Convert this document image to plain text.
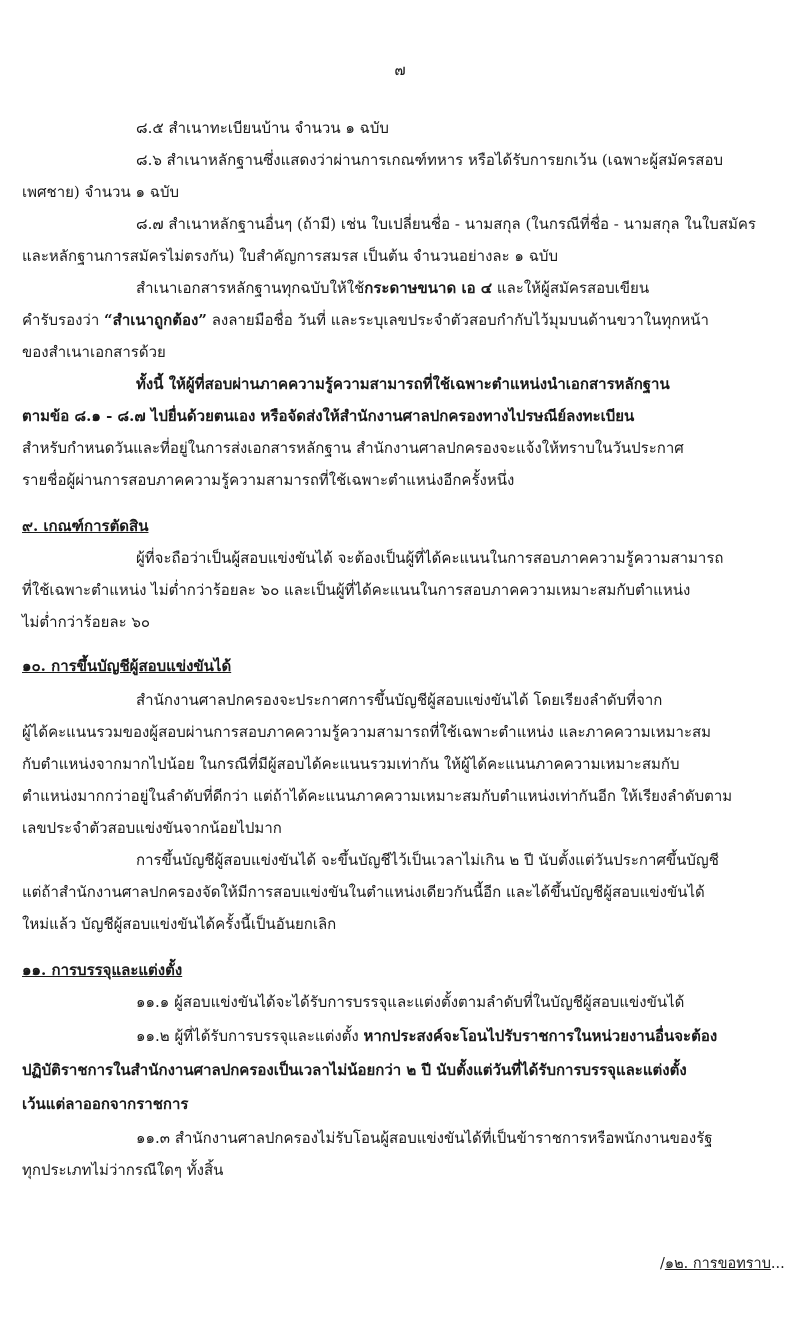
๗
๘.๕ สำเนาทะเบียนบ้าน จำนวน ๑ ฉบับ
๘.๖ สำเนาหลักฐานซึ่งแสดงว่าผ่านการเกณฑ์ทหาร หรือได้รับการยกเว้น (เฉพาะผู้สมัครสอบ
เพศชาย) จำนวน ๑ ฉบับ
๘.๗ สำเนาหลักฐานอื่นๆ (ถ้ามี) เช่น ใบเปลี่ยนชื่อ - นามสกุล (ในกรณีที่ชื่อ - นามสกุล ในใบสมัคร
และหลักฐานการสมัครไม่ตรงกัน) ใบสำคัญการสมรส เป็นต้น จำนวนอย่างละ ๑ ฉบับ
สำเนาเอกสารหลักฐานทุกฉบับให้ใช้กระดาษขนาด เอ ๔ และให้ผู้สมัครสอบเขียน
คำรับรองว่า “สำเนาถูกต้อง” ลงลายมือชื่อ วันที่ และระบุเลขประจำตัวสอบกำกับไว้มุมบนด้านขวาในทุกหน้า
ของสำเนาเอกสารด้วย
ทั้งนี้ ให้ผู้ที่สอบผ่านภาคความรู้ความสามารถที่ใช้เฉพาะตำแหน่งนำเอกสารหลักฐาน
ตามข้อ ๘.๑ - ๘.๗ ไปยื่นด้วยตนเอง หรือจัดส่งให้สำนักงานศาลปกครองทางไปรษณีย์ลงทะเบียน
สำหรับกำหนดวันและที่อยู่ในการส่งเอกสารหลักฐาน สำนักงานศาลปกครองจะแจ้งให้ทราบในวันประกาศ
รายชื่อผู้ผ่านการสอบภาคความรู้ความสามารถที่ใช้เฉพาะตำแหน่งอีกครั้งหนึ่ง
๙. เกณฑ์การตัดสิน
ผู้ที่จะถือว่าเป็นผู้สอบแข่งขันได้ จะต้องเป็นผู้ที่ได้คะแนนในการสอบภาคความรู้ความสามารถ
ที่ใช้เฉพาะตำแหน่ง ไม่ต่ำกว่าร้อยละ ๖๐ และเป็นผู้ที่ได้คะแนนในการสอบภาคความเหมาะสมกับตำแหน่ง
ไม่ต่ำกว่าร้อยละ ๖๐
๑๐. การขึ้นบัญชีผู้สอบแข่งขันได้
สำนักงานศาลปกครองจะประกาศการขึ้นบัญชีผู้สอบแข่งขันได้ โดยเรียงลำดับที่จาก
ผู้ได้คะแนนรวมของผู้สอบผ่านการสอบภาคความรู้ความสามารถที่ใช้เฉพาะตำแหน่ง และภาคความเหมาะสม
กับตำแหน่งจากมากไปน้อย ในกรณีที่มีผู้สอบได้คะแนนรวมเท่ากัน ให้ผู้ได้คะแนนภาคความเหมาะสมกับ
ตำแหน่งมากกว่าอยู่ในลำดับที่ดีกว่า แต่ถ้าได้คะแนนภาคความเหมาะสมกับตำแหน่งเท่ากันอีก ให้เรียงลำดับตาม
เลขประจำตัวสอบแข่งขันจากน้อยไปมาก
การขึ้นบัญชีผู้สอบแข่งขันได้ จะขึ้นบัญชีไว้เป็นเวลาไม่เกิน ๒ ปี นับตั้งแต่วันประกาศขึ้นบัญชี
แต่ถ้าสำนักงานศาลปกครองจัดให้มีการสอบแข่งขันในตำแหน่งเดียวกันนี้อีก และได้ขึ้นบัญชีผู้สอบแข่งขันได้
ใหม่แล้ว บัญชีผู้สอบแข่งขันได้ครั้งนี้เป็นอันยกเลิก
๑๑. การบรรจุและแต่งตั้ง
๑๑.๑ ผู้สอบแข่งขันได้จะได้รับการบรรจุและแต่งตั้งตามลำดับที่ในบัญชีผู้สอบแข่งขันได้
๑๑.๒ ผู้ที่ได้รับการบรรจุและแต่งตั้ง หากประสงค์จะโอนไปรับราชการในหน่วยงานอื่นจะต้อง
ปฏิบัติราชการในสำนักงานศาลปกครองเป็นเวลาไม่น้อยกว่า ๒ ปี นับตั้งแต่วันที่ได้รับการบรรจุและแต่งตั้ง
เว้นแต่ลาออกจากราชการ
๑๑.๓ สำนักงานศาลปกครองไม่รับโอนผู้สอบแข่งขันได้ที่เป็นข้าราชการหรือพนักงานของรัฐ
ทุกประเภทไม่ว่ากรณีใดๆ ทั้งสิ้น
/๑๒. การขอทราบ...
